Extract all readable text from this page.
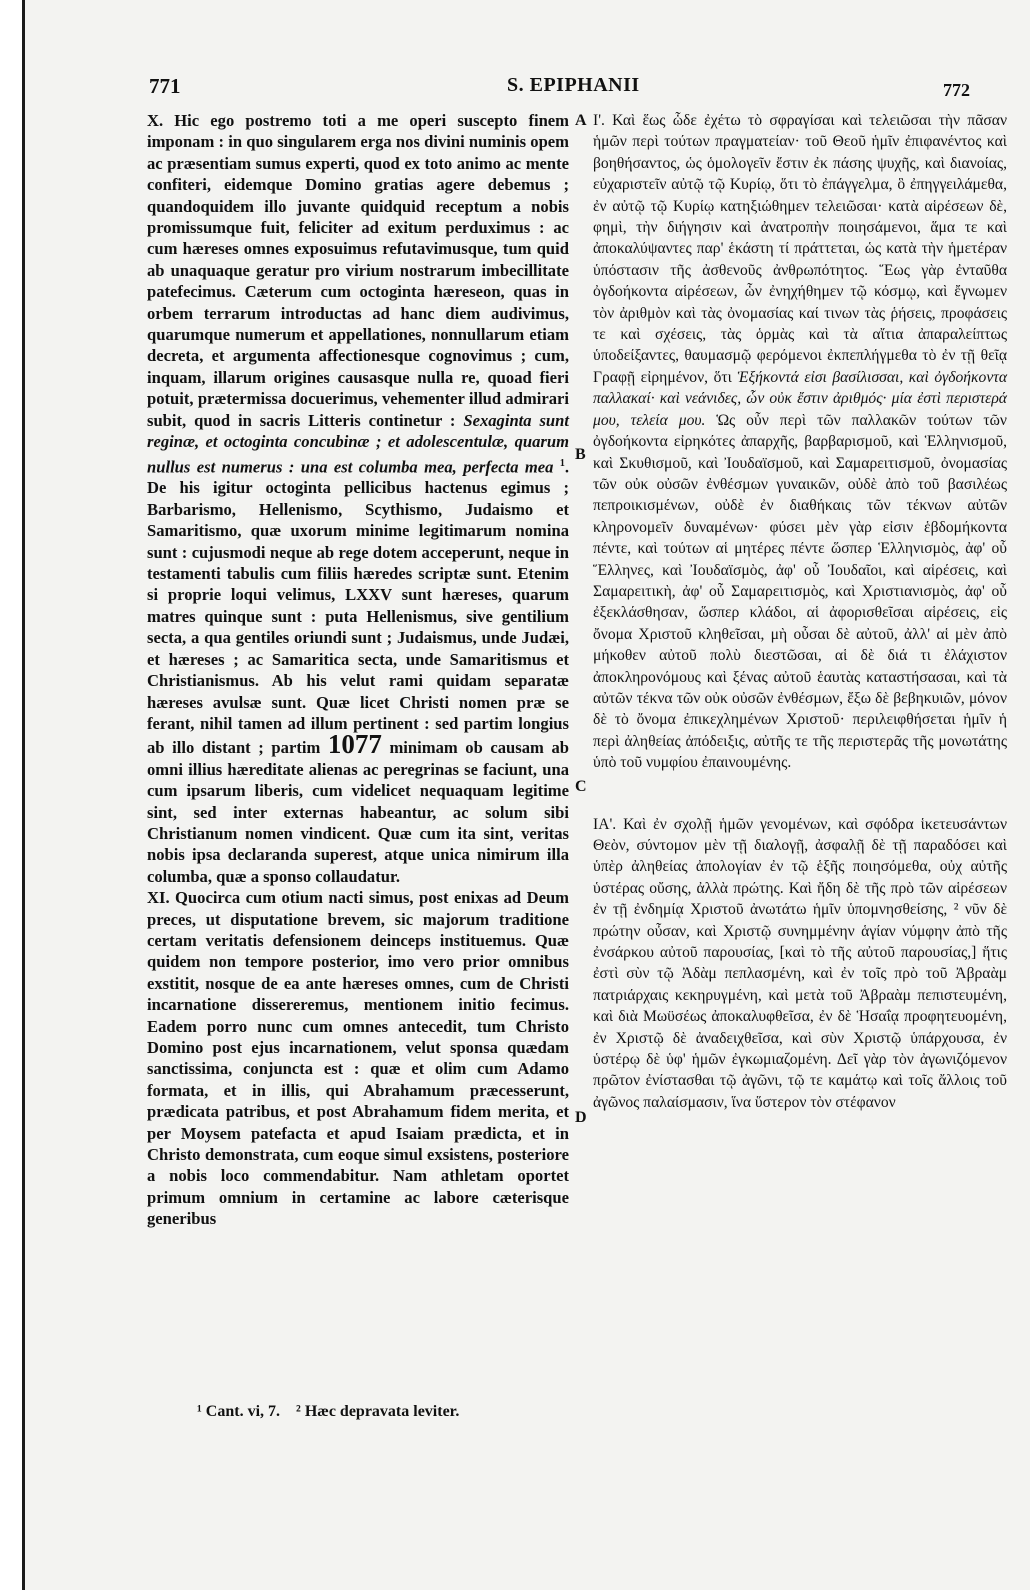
771	S. EPIPHANII	772

X. Hic ego postremo toti a me operi suscepto finem imponam : in quo singularem erga nos divini numinis opem ac præsentiam sumus experti, quod ex toto animo ac mente confiteri, eidemque Domino gratias agere debemus ; quandoquidem illo juvante quidquid receptum a nobis promissumque fuit, feliciter ad exitum perduximus : ac cum hæreses omnes exposuimus refutavimusque, tum quid ab unaquaque geratur pro virium nostrarum imbecillitate patefecimus. Cæterum cum octoginta hæreseon, quas in orbem terrarum introductas ad hanc diem audivimus, quarumque numerum et appellationes, nonnullarum etiam decreta, et argumenta affectionesque cognovimus ; cum, inquam, illarum origines causasque nulla re, quoad fieri potuit, prætermissa docuerimus, vehementer illud admirari subit, quod in sacris Litteris continetur : Sexaginta sunt reginæ, et octoginta concubinæ ; et adolescentulæ, quarum nullus est numerus : una est columba mea, perfecta mea $^1$. De his igitur octoginta pellicibus hactenus egimus ; Barbarismo, Hellenismo, Scythismo, Judaismo et Samaritismo, quæ uxorum minime legitimarum nomina sunt : cujusmodi neque ab rege dotem acceperunt, neque in testamenti tabulis cum filiis hæredes scriptæ sunt. Etenim si proprie loqui velimus, LXXV sunt hæreses, quarum matres quinque sunt : puta Hellenismus, sive gentilium secta, a qua gentiles oriundi sunt ; Judaismus, unde Judæi, et hæreses ; ac Samaritica secta, unde Samaritismus et Christianismus. Ab his velut rami quidam separatæ hæreses avulsæ sunt. Quæ licet Christi nomen præ se ferant, nihil tamen ad illum pertinent : sed partim longius ab illo distant ; partim 1077 minimam ob causam ab omni illius hæreditate alienas ac peregrinas se faciunt, una cum ipsarum liberis, cum videlicet nequaquam legitime sint, sed inter externas habeantur, ac solum sibi Christianum nomen vindicent. Quæ cum ita sint, veritas nobis ipsa declaranda superest, atque unica nimirum illa columba, quæ a sponso collaudatur.

XI. Quocirca cum otium nacti simus, post enixas ad Deum preces, ut disputatione brevem, sic majorum traditione certam veritatis defensionem deinceps instituemus. Quæ quidem non tempore posterior, imo vero prior omnibus exstitit, nosque de ea ante hæreses omnes, cum de Christi incarnatione dissereremus, mentionem initio fecimus. Eadem porro nunc cum omnes antecedit, tum Christo Domino post ejus incarnationem, velut sponsa quædam sanctissima, conjuncta est : quæ et olim cum Adamo formata, et in illis, qui Abrahamum præcesserunt, prædicata patribus, et post Abrahamum fidem merita, et per Moysem patefacta et apud Isaiam prædicta, et in Christo demonstrata, cum eoque simul exsistens, posteriore a nobis loco commendabitur. Nam athletam oportet primum omnium in certamine ac labore cæterisque generibus

A
B
C
D

Ι'. Καὶ ἕως ὧδε ἐχέτω τὸ σφραγίσαι καὶ τελειῶσαι τὴν πᾶσαν ἡμῶν περὶ τούτων πραγματείαν· τοῦ Θεοῦ ἡμῖν ἐπιφανέντος καὶ βοηθήσαντος, ὡς ὁμολογεῖν ἔστιν ἐκ πάσης ψυχῆς, καὶ διανοίας, εὐχαριστεῖν αὐτῷ τῷ Κυρίῳ, ὅτι τὸ ἐπάγγελμα, ὃ ἐπηγγειλάμεθα, ἐν αὐτῷ τῷ Κυρίῳ κατηξιώθημεν τελειῶσαι· κατὰ αἱρέσεων δὲ, φημὶ, τὴν διήγησιν καὶ ἀνατροπὴν ποιησάμενοι, ἅμα τε καὶ ἀποκαλύψαντες παρ' ἑκάστη τί πράττεται, ὡς κατὰ τὴν ἡμετέραν ὑπόστασιν τῆς ἀσθενοῦς ἀνθρωπότητος. Ἕως γὰρ ἐνταῦθα ὀγδοήκοντα αἱρέσεων, ὧν ἐνηχήθημεν τῷ κόσμῳ, καὶ ἔγνωμεν τὸν ἀριθμὸν καὶ τὰς ὀνομασίας καί τινων τὰς ῥήσεις, προφάσεις τε καὶ σχέσεις, τὰς ὁρμὰς καὶ τὰ αἴτια ἀπαραλείπτως ὑποδείξαντες, θαυμασμῷ φερόμενοι ἐκπεπλήγμεθα τὸ ἐν τῇ θεῖᾳ Γραφῇ εἰρημένον, ὅτι Ἑξήκοντά εἰσι βασίλισσαι, καὶ ὀγδοήκοντα παλλακαί· καὶ νεάνιδες, ὧν οὐκ ἔστιν ἀριθμός· μία ἐστὶ περιστερά μου, τελεία μου. Ὡς οὖν περὶ τῶν παλλακῶν τούτων τῶν ὀγδοήκοντα εἰρηκότες ἀπαρχῆς, βαρβαρισμοῦ, καὶ Ἑλληνισμοῦ, καὶ Σκυθισμοῦ, καὶ Ἰουδαϊσμοῦ, καὶ Σαμαρειτισμοῦ, ὀνομασίας τῶν οὐκ οὐσῶν ἐνθέσμων γυναικῶν, οὐδὲ ἀπὸ τοῦ βασιλέως πεπροικισμένων, οὐδὲ ἐν διαθήκαις τῶν τέκνων αὐτῶν κληρονομεῖν δυναμένων· φύσει μὲν γὰρ εἰσιν ἑβδομήκοντα πέντε, καὶ τούτων αἱ μητέρες πέντε ὥσπερ Ἑλληνισμὸς, ἀφ' οὗ Ἕλληνες, καὶ Ἰουδαϊσμὸς, ἀφ' οὗ Ἰουδαῖοι, καὶ αἱρέσεις, καὶ Σαμαρειτικὴ, ἀφ' οὗ Σαμαρειτισμὸς, καὶ Χριστιανισμὸς, ἀφ' οὗ ἐξεκλάσθησαν, ὥσπερ κλάδοι, αἱ ἀφορισθεῖσαι αἱρέσεις, εἰς ὄνομα Χριστοῦ κληθεῖσαι, μὴ οὖσαι δὲ αὐτοῦ, ἀλλ' αἱ μὲν ἀπὸ μήκοθεν αὐτοῦ πολὺ διεστῶσαι, αἱ δὲ διά τι ἐλάχιστον ἀποκληρονόμους καὶ ξένας αὐτοῦ ἑαυτὰς καταστήσασαι, καὶ τὰ αὐτῶν τέκνα τῶν οὐκ οὐσῶν ἐνθέσμων, ἔξω δὲ βεβηκυιῶν, μόνον δὲ τὸ ὄνομα ἐπικεχλημένων Χριστοῦ· περιλειφθήσεται ἡμῖν ἡ περὶ ἀληθείας ἀπόδειξις, αὐτῆς τε τῆς περιστερᾶς τῆς μονωτάτης ὑπὸ τοῦ νυμφίου ἐπαινουμένης.

ΙΑ'. Καὶ ἐν σχολῇ ἡμῶν γενομένων, καὶ σφόδρα ἱκετευσάντων Θεὸν, σύντομον μὲν τῇ διαλογῇ, ἀσφαλῇ δὲ τῇ παραδόσει καὶ ὑπὲρ ἀληθείας ἀπολογίαν ἐν τῷ ἑξῆς ποιησόμεθα, οὐχ αὐτῆς ὑστέρας οὔσης, ἀλλὰ πρώτης. Καὶ ἤδη δὲ τῆς πρὸ τῶν αἱρέσεων ἐν τῇ ἐνδημίᾳ Χριστοῦ ἀνωτάτω ἡμῖν ὑπομνησθείσης, ² νῦν δὲ πρώτην οὖσαν, καὶ Χριστῷ συνημμένην ἁγίαν νύμφην ἀπὸ τῆς ἐνσάρκου αὐτοῦ παρουσίας, [καὶ τὸ τῆς αὐτοῦ παρουσίας,] ἥτις ἐστὶ σὺν τῷ Ἀδὰμ πεπλασμένη, καὶ ἐν τοῖς πρὸ τοῦ Ἀβραὰμ πατριάρχαις κεκηρυγμένη, καὶ μετὰ τοῦ Ἀβραὰμ πεπιστευμένη, καὶ διὰ Μωϋσέως ἀποκαλυφθεῖσα, ἐν δὲ Ἡσαΐᾳ προφητευομένη, ἐν Χριστῷ δὲ ἀναδειχθεῖσα, καὶ σὺν Χριστῷ ὑπάρχουσα, ἐν ὑστέρῳ δὲ ὑφ' ἡμῶν ἐγκωμιαζομένη. Δεῖ γὰρ τὸν ἀγωνιζόμενον πρῶτον ἐνίστασθαι τῷ ἀγῶνι, τῷ τε καμάτῳ καὶ τοῖς ἄλλοις τοῦ ἀγῶνος παλαίσμασιν, ἵνα ὕστερον τὸν στέφανον

¹ Cant. vi, 7. ² Hæc depravata leviter.
